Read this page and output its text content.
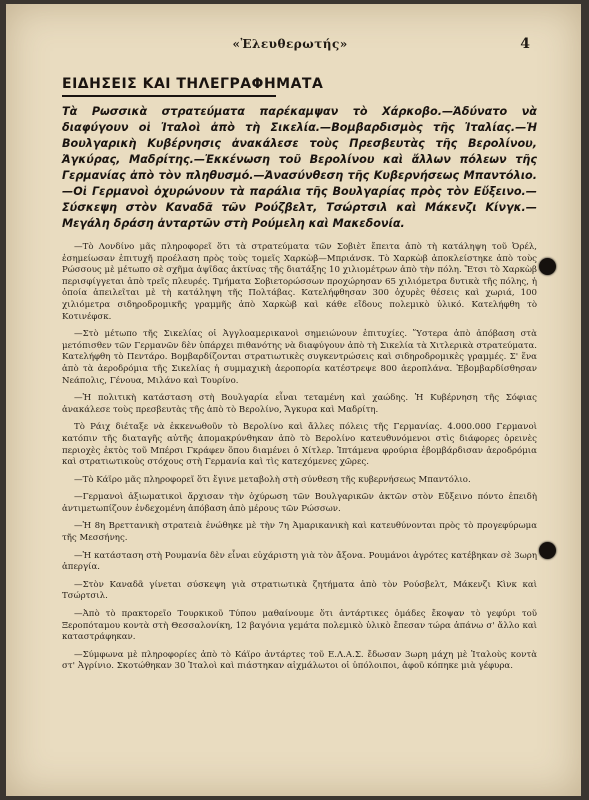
«Ἐλευθερωτής»	4
ΕΙΔΗΣΕΙΣ ΚΑΙ ΤΗΛΕΓΡΑΦΗΜΑΤΑ
Τὰ Ρωσσικὰ στρατεύματα παρέκαμψαν τὸ Χάρκοβο.—Ἀδύνατο νὰ διαφύγουν οἱ Ἰταλοὶ ἀπὸ τὴ Σικελία.—Βομβαρδισμὸς τῆς Ἰταλίας.—Ἡ Βουλγαρικὴ Κυβέρνησις ἀνακάλεσε τοὺς Πρεσβευτὰς τῆς Βερολίνου, Ἀγκύρας, Μαδρίτης.—Ἐκκένωση τοῦ Βερολίνου καὶ ἄλλων πόλεων τῆς Γερμανίας ἀπὸ τὸν πληθυσμό.—Ἀνασύνθεση τῆς Κυβερνήσεως Μπαντόλιο.—Οἱ Γερμανοὶ ὀχυρώνουν τὰ παράλια τῆς Βουλγαρίας πρὸς τὸν Εὔξεινο.—Σύσκεψη στὸν Καναδᾶ τῶν Ρούζβελτ, Τσώρτσιλ καὶ Μάκενζι Κίνγκ.—Μεγάλη δράση ἀνταρτῶν στὴ Ρούμελη καὶ Μακεδονία.

—Τὸ Λονδίνο μᾶς πληροφορεῖ ὅτι τὰ στρατεύματα τῶν Σοβιὲτ ἔπειτα ἀπὸ τὴ κατάληψη τοῦ Ὀρέλ, ἐσημείωσαν ἐπιτυχῆ προέλαση πρὸς τοὺς τομεῖς Χαρκὼβ—Μπριάνσκ. Τὸ Χαρκὼβ ἀποκλείστηκε ἀπὸ τοὺς Ρώσσους μὲ μέτωπο σὲ σχῆμα ἀψῖδας ἀκτίνας τῆς διατάξης 10 χιλιομέτρων ἀπὸ τὴν πόλη. Ἔτσι τὸ Χαρκὼβ περισφίγγεται ἀπὸ τρεῖς πλευρές. Τμήματα Σοβιετορώσσων προχώρησαν 65 χιλιόμετρα δυτικὰ τῆς πόλης, ἡ ὁποία ἀπειλεῖται μὲ τὴ κατάληψη τῆς Πολτάβας. Κατελήφθησαν 300 ὀχυρὲς θέσεις καὶ χωριά, 100 χιλιόμετρα σιδηροδρομικῆς γραμμῆς ἀπὸ Χαρκὼβ καὶ κάθε εἴδους πολεμικὸ ὑλικό. Κατελήφθη τὸ Κοτινέφσκ.

—Στὸ μέτωπο τῆς Σικελίας οἱ Ἀγγλοαμερικανοὶ σημειώνουν ἐπιτυχίες. Ὕστερα ἀπὸ ἀπόβαση στὰ μετόπισθεν τῶν Γερμανῶν δὲν ὑπάρχει πιθανότης νὰ διαφύγουν ἀπὸ τὴ Σικελία τὰ Χιτλερικὰ στρατεύματα. Κατελήφθη τὸ Πεντάρο. Βομβαρδίζονται στρατιωτικὲς συγκεντρώσεις καὶ σιδηροδρομικὲς γραμμές. Σ' ἕνα ἀπὸ τὰ ἀεροδρόμια τῆς Σικελίας ἡ συμμαχικὴ ἀεροπορία κατέστρεψε 800 ἀεροπλάνα. Ἐβομβαρδίσθησαν Νεάπολις, Γένουα, Μιλάνο καὶ Τουρίνο.

—Ἡ πολιτικὴ κατάσταση στὴ Βουλγαρία εἶναι τεταμένη καὶ χαώδης. Ἡ Κυβέρνηση τῆς Σόφιας ἀνακάλεσε τοὺς πρεσβευτὰς τῆς ἀπὸ τὸ Βερολίνο, Ἄγκυρα καὶ Μαδρίτη.

Τὸ Ράιχ διέταξε νὰ ἐκκενωθοῦν τὸ Βερολίνο καὶ ἄλλες πόλεις τῆς Γερμανίας. 4.000.000 Γερμανοὶ κατόπιν τῆς διαταγῆς αὐτῆς ἀπομακρύνθηκαν ἀπὸ τὸ Βερολίνο κατευθυνόμενοι στὶς διάφορες ὀρεινὲς περιοχὲς ἐκτὸς τοῦ Μπέρσι Γκράφεν ὅπου διαμένει ὁ Χίτλερ. Ἱπτάμενα φρούρια ἐβομβάρδισαν ἀεροδρόμια καὶ στρατιωτικοὺς στόχους στὴ Γερμανία καὶ τὶς κατεχόμενες χῶρες.

—Τὸ Κάϊρο μᾶς πληροφορεῖ ὅτι ἔγινε μεταβολὴ στὴ σύνθεση τῆς κυβερνήσεως Μπαντόλιο.

—Γερμανοὶ ἀξιωματικοὶ ἄρχισαν τὴν ὀχύρωση τῶν Βουλγαρικῶν ἀκτῶν στὸν Εὔξεινο πόντο ἐπειδὴ ἀντιμετωπίζουν ἐνδεχομένη ἀπόβαση ἀπὸ μέρους τῶν Ρώσσων.

—Ἡ 8η Βρεττανικὴ στρατειὰ ἐνώθηκε μὲ τὴν 7η Ἀμαρικανικὴ καὶ κατευθύνονται πρὸς τὸ προγεφύρωμα τῆς Μεσσήνης.

—Ἡ κατάσταση στὴ Ρουμανία δὲν εἶναι εὐχάριστη γιὰ τὸν ἄξονα. Ρουμάνοι ἀγρότες κατέβηκαν σὲ 3ωρη ἀπεργία.

—Στὸν Καναδᾶ γίνεται σύσκεψη γιὰ στρατιωτικὰ ζητήματα ἀπὸ τὸν Ρούσβελτ, Μάκενζι Κὶνκ καὶ Τσώρτσιλ.

—Ἀπὸ τὸ πρακτορεῖο Τουρκικοῦ Τύπου μαθαίνουμε ὅτι ἀντάρτικες ὁμάδες ἔκοψαν τὸ γεφύρι τοῦ Ξεροπόταμου κοντὰ στὴ Θεσσαλονίκη, 12 βαγόνια γεμάτα πολεμικὸ ὑλικὸ ἔπεσαν τώρα ἀπάνω σ' ἄλλο καὶ καταστράφηκαν.

—Σύμφωνα μὲ πληροφορίες ἀπὸ τὸ Κάϊρο ἀντάρτες τοῦ Ε.Λ.Α.Σ. ἔδωσαν 3ωρη μάχη μὲ Ἰταλοὺς κοντὰ στ' Ἀγρίνιο. Σκοτώθηκαν 30 Ἰταλοὶ καὶ πιάστηκαν αἰχμάλωτοι οἱ ὑπόλοιποι, ἀφοῦ κόπηκε μιὰ γέφυρα.
